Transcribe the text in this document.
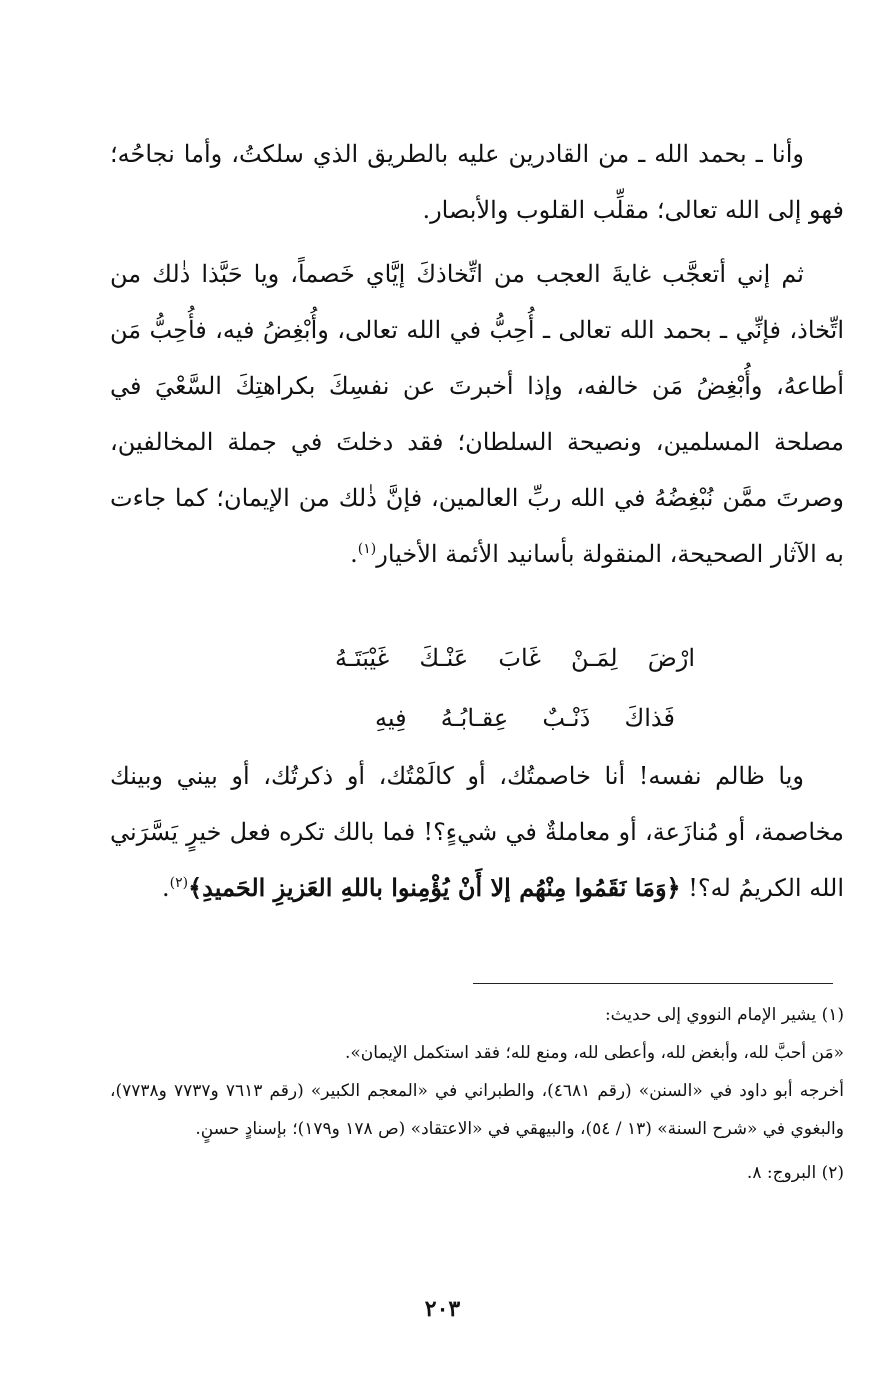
وأنا ـ بحمد الله ـ من القادرين عليه بالطريق الذي سلكتُ، وأما نجاحُه؛ فهو إلى الله تعالى؛ مقلِّب القلوب والأبصار.

ثم إني أتعجَّب غايةَ العجب من اتِّخاذكَ إيَّاي خَصماً، ويا حَبَّذا ذٰلك من اتِّخاذ، فإنِّي ـ بحمد الله تعالى ـ أُحِبُّ في الله تعالى، وأُبْغِضُ فيه، فأُحِبُّ مَن أطاعهُ، وأُبْغِضُ مَن خالفه، وإذا أخبرتَ عن نفسِكَ بكراهتِكَ السَّعْيَ في مصلحة المسلمين، ونصيحة السلطان؛ فقد دخلتَ في جملة المخالفين، وصرتَ ممَّن نُبْغِضُهُ في الله ربِّ العالمين، فإنَّ ذٰلك من الإيمان؛ كما جاءت به الآثار الصحيحة، المنقولة بأسانيد الأئمة الأخيار$^{(١)}$.

ارْضَ
لِمَـنْ
غَابَ
عَنْـكَ
غَيْبَتَـهُ

فَذاكَ
ذَنْـبٌ
عِقـابُـهُ
فِيهِ

ويا ظالم نفسه! أنا خاصمتُك، أو كالَمْتُك، أو ذكرتُك، أو بيني وبينك مخاصمة، أو مُنازَعة، أو معاملةٌ في شيءٍ؟! فما بالك تكره فعل خيرٍ يَسَّرَني الله الكريمُ له؟! ﴿وَمَا نَقَمُوا مِنْهُم إلا أَنْ يُؤْمِنوا باللهِ العَزيزِ الحَميدِ﴾$^{(٢)}$.

(١) يشير الإمام النووي إلى حديث:

«مَن أحبَّ لله، وأبغض لله، وأعطى لله، ومنع لله؛ فقد استكمل الإيمان».

أخرجه أبو داود في «السنن» (رقم ٤٦٨١)، والطبراني في «المعجم الكبير» (رقم ٧٦١٣ و٧٧٣٧ و٧٧٣٨)، والبغوي في «شرح السنة» (١٣ / ٥٤)، والبيهقي في «الاعتقاد» (ص ١٧٨ و١٧٩)؛ بإسنادٍ حسنٍ.

(٢) البروج: ٨.

٢٠٣
